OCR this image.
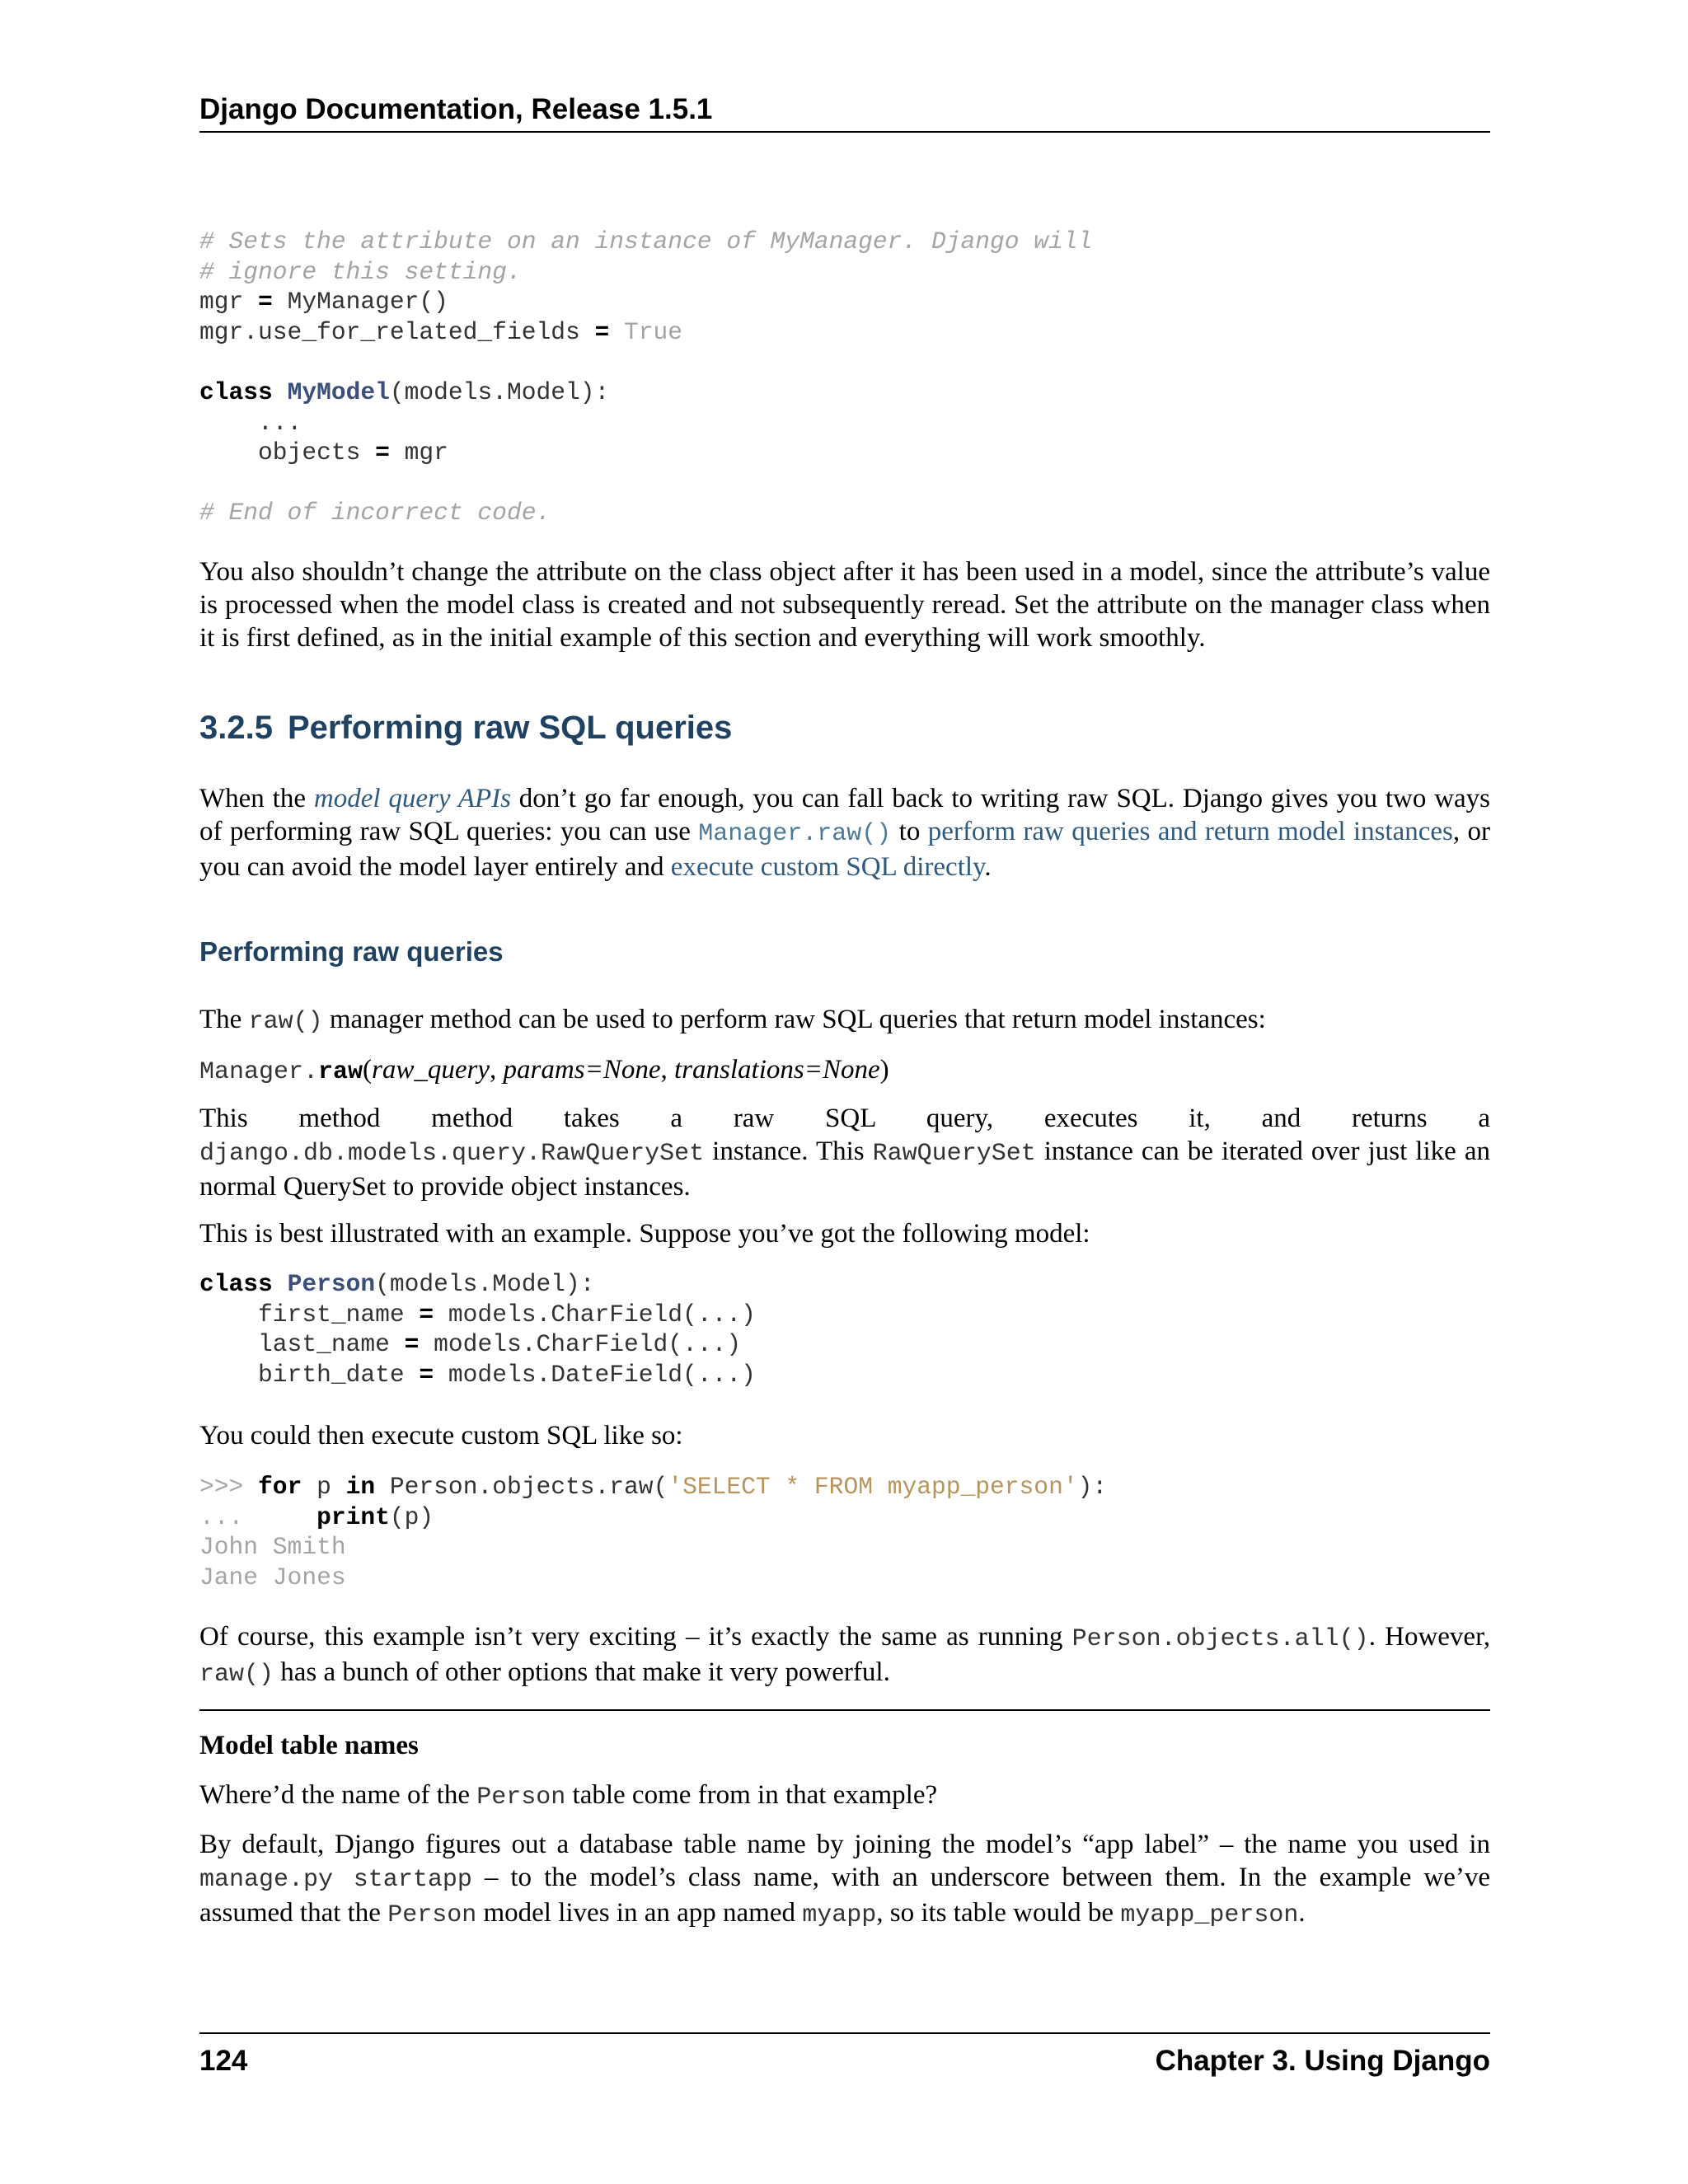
Django Documentation, Release 1.5.1
# Sets the attribute on an instance of MyManager. Django will
# ignore this setting.
mgr = MyManager()
mgr.use_for_related_fields = True

class MyModel(models.Model):
...
objects = mgr

# End of incorrect code.

You also shouldn’t change the attribute on the class object after it has been used in a model, since the attribute’s value is processed when the model class is created and not subsequently reread. Set the attribute on the manager class when it is first defined, as in the initial example of this section and everything will work smoothly.

3.2.5 Performing raw SQL queries

When the model query APIs don’t go far enough, you can fall back to writing raw SQL. Django gives you two ways of performing raw SQL queries: you can use Manager.raw() to perform raw queries and return model instances, or you can avoid the model layer entirely and execute custom SQL directly.

Performing raw queries

The raw() manager method can be used to perform raw SQL queries that return model instances:

Manager.raw(raw_query, params=None, translations=None)

This method method takes a raw SQL query, executes it, and returns a

django.db.models.query.RawQuerySet instance. This RawQuerySet instance can be iterated over just like an normal QuerySet to provide object instances.

This is best illustrated with an example. Suppose you’ve got the following model:

class Person(models.Model):
first_name = models.CharField(...)
last_name = models.CharField(...)
birth_date = models.DateField(...)

You could then execute custom SQL like so:

>>> for p in Person.objects.raw('SELECT * FROM myapp_person'):
...     print(p)
John Smith
Jane Jones

Of course, this example isn’t very exciting – it’s exactly the same as running Person.objects.all(). However, raw() has a bunch of other options that make it very powerful.

Model table names

Where’d the name of the Person table come from in that example?

By default, Django figures out a database table name by joining the model’s “app label” – the name you used in manage.py startapp – to the model’s class name, with an underscore between them. In the example we’ve assumed that the Person model lives in an app named myapp, so its table would be myapp_person.

124	Chapter 3. Using Django
